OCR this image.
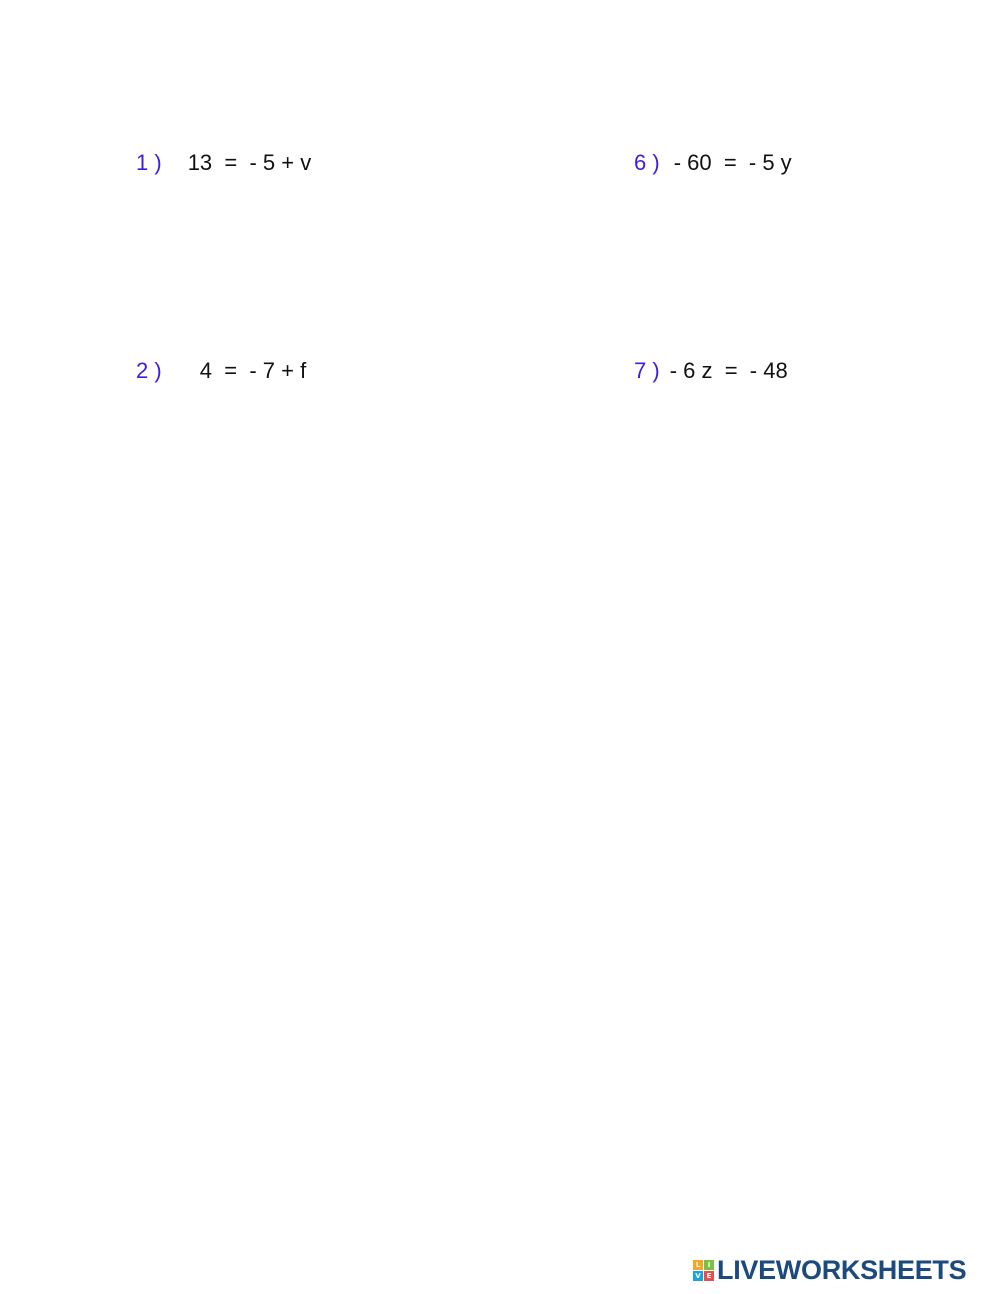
1 ) 13  =  - 5 + v
2 ) 4  =  - 7 + f
6 ) - 60  =  - 5 y
7 ) - 6 z  =  - 48
L	I
V E LIVEWORKSHEETS
